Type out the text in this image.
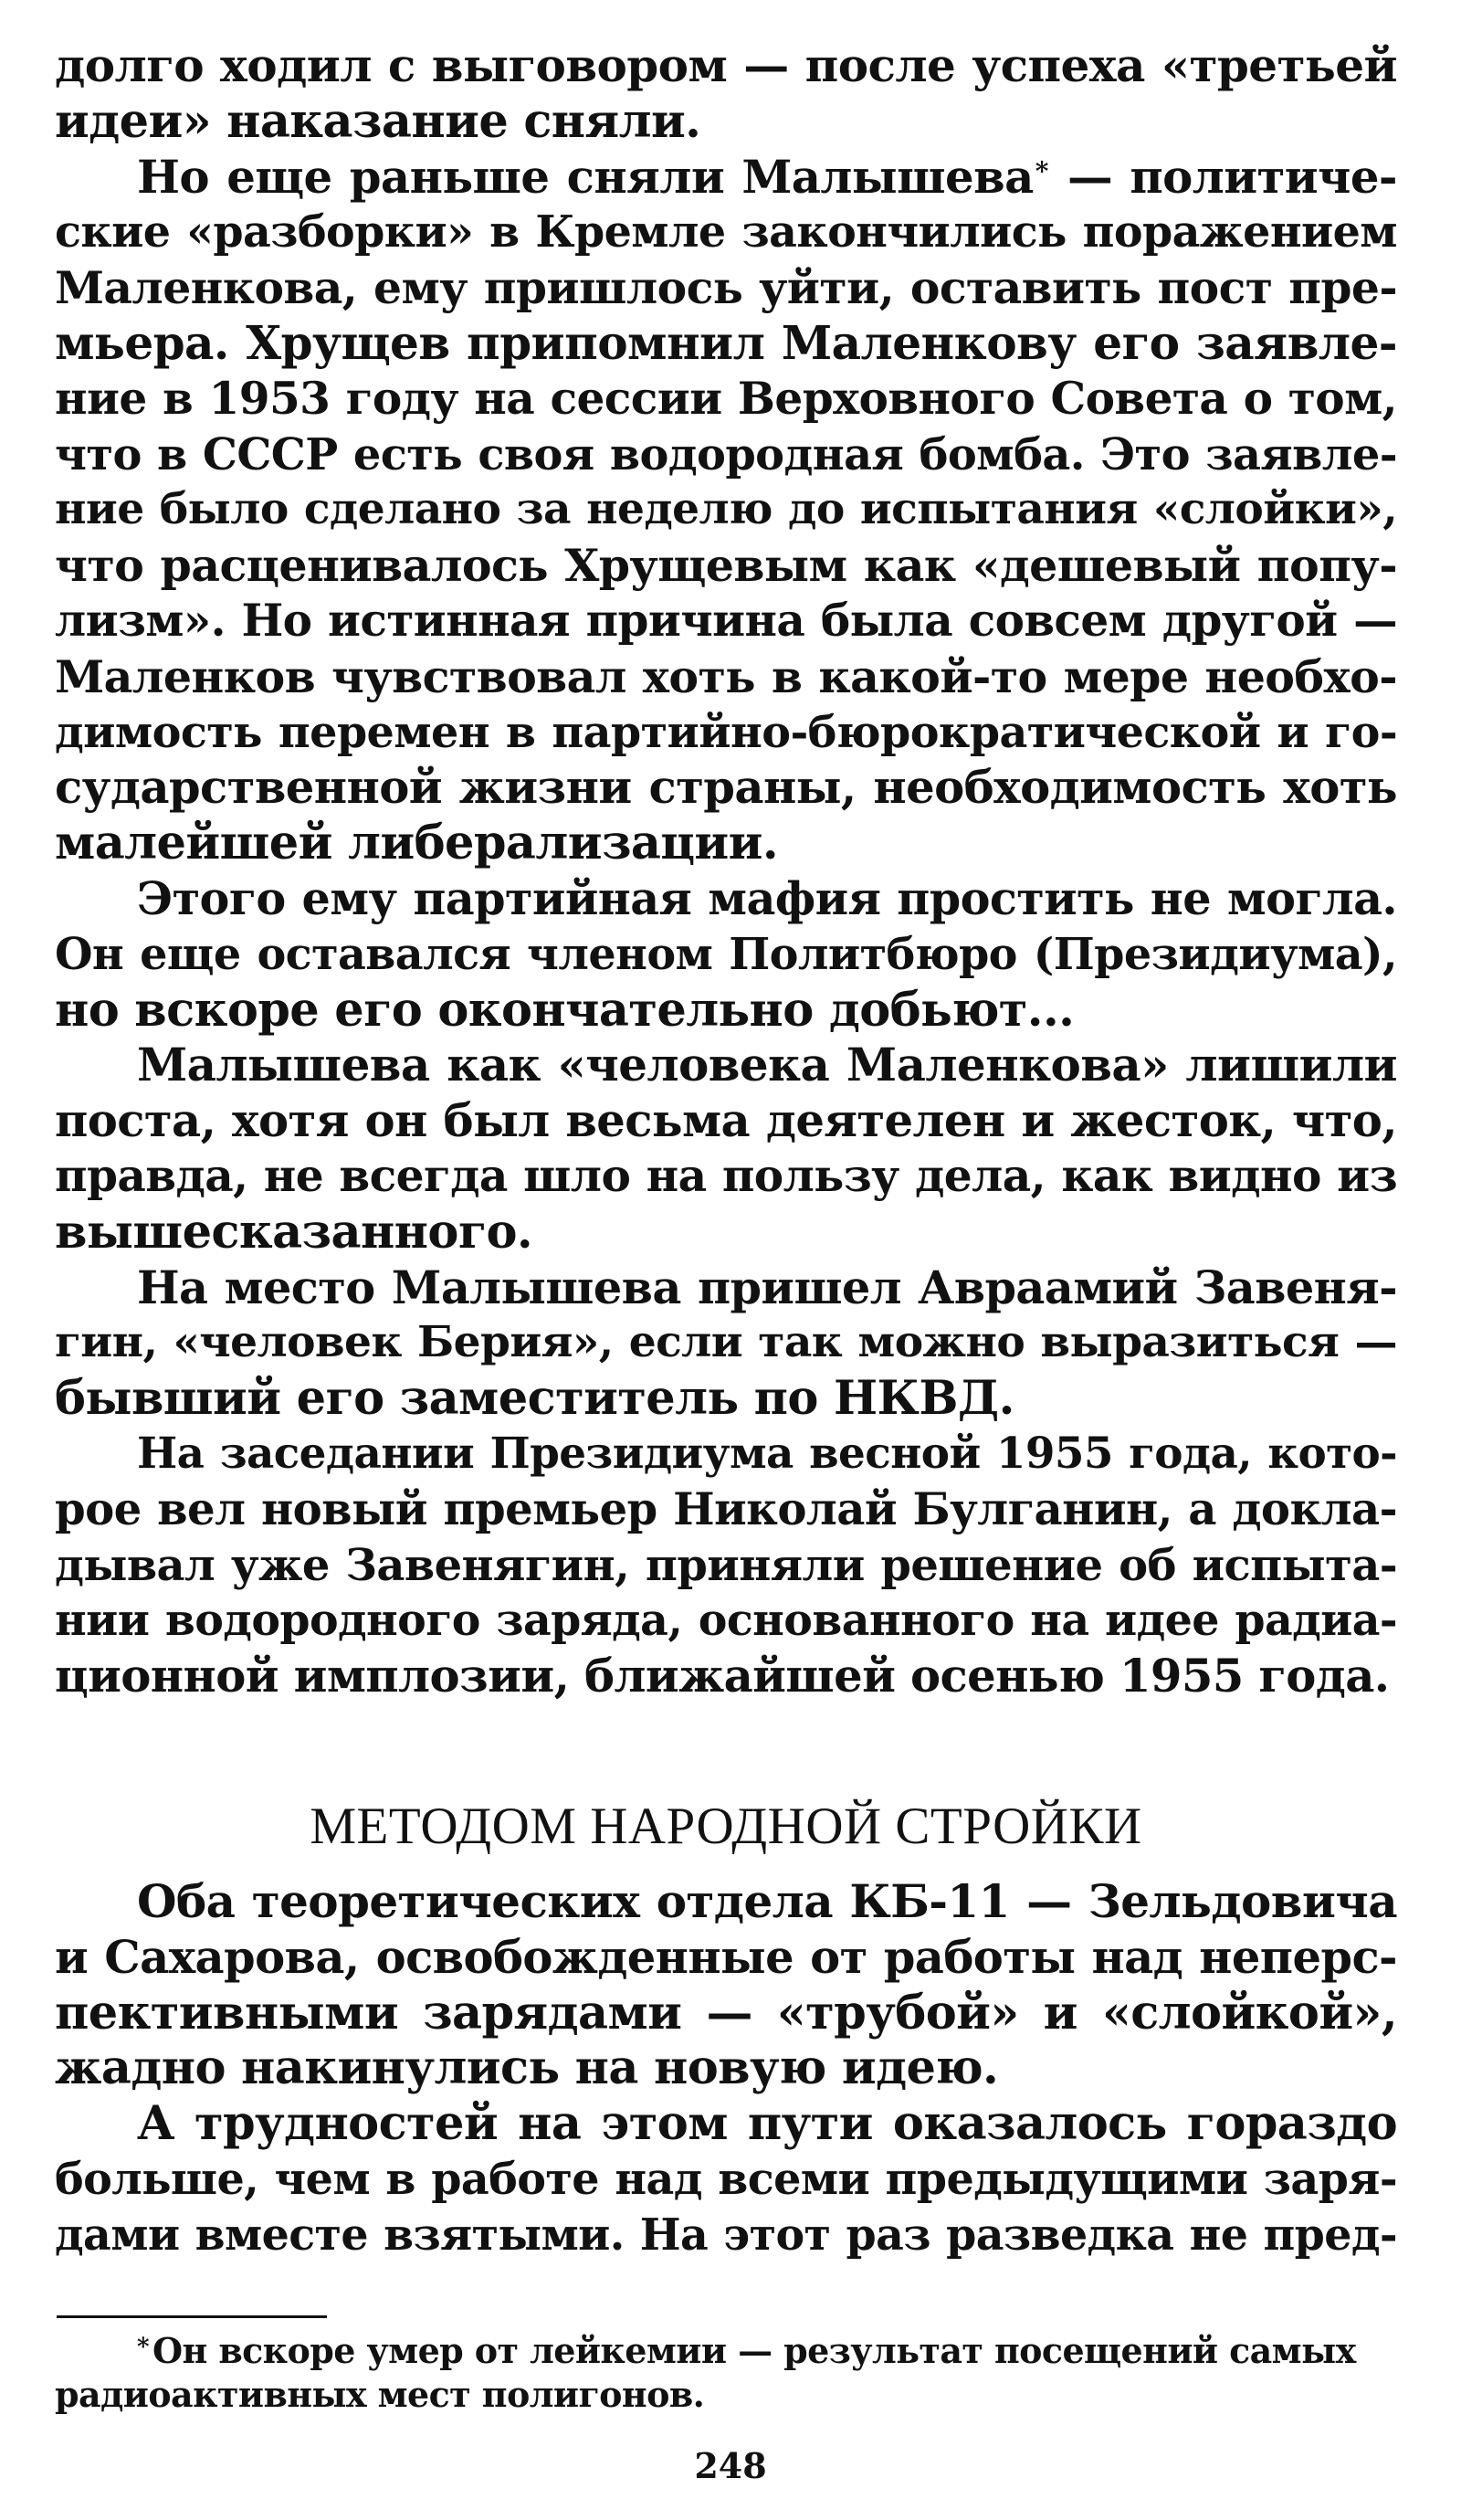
долго ходил с выговором — после успеха «третьей
идеи» наказание сняли.

Но еще раньше сняли Малышева* — политиче-
ские «разборки» в Кремле закончились поражением
Маленкова, ему пришлось уйти, оставить пост пре-
мьера. Хрущев припомнил Маленкову его заявле-
ние в 1953 году на сессии Верховного Совета о том,
что в СССР есть своя водородная бомба. Это заявле-
ние было сделано за неделю до испытания «слойки»,
что расценивалось Хрущевым как «дешевый попу-
лизм». Но истинная причина была совсем другой —
Маленков чувствовал хоть в какой-то мере необхо-
димость перемен в партийно-бюрократической и го-
сударственной жизни страны, необходимость хоть
малейшей либерализации.

Этого ему партийная мафия простить не могла.
Он еще оставался членом Политбюро (Президиума),
но вскоре его окончательно добьют...

Малышева как «человека Маленкова» лишили
поста, хотя он был весьма деятелен и жесток, что,
правда, не всегда шло на пользу дела, как видно из
вышесказанного.

На место Малышева пришел Авраамий Завеня-
гин, «человек Берия», если так можно выразиться —
бывший его заместитель по НКВД.

На заседании Президиума весной 1955 года, кото-
рое вел новый премьер Николай Булганин, а докла-
дывал уже Завенягин, приняли решение об испыта-
нии водородного заряда, основанного на идее радиа-
ционной имплозии, ближайшей осенью 1955 года.

МЕТОДОМ НАРОДНОЙ СТРОЙКИ

Оба теоретических отдела КБ-11 — Зельдовича
и Сахарова, освобожденные от работы над неперс-
пективными зарядами — «трубой» и «слойкой»,
жадно накинулись на новую идею.

А трудностей на этом пути оказалось гораздо
больше, чем в работе над всеми предыдущими заря-
дами вместе взятыми. На этот раз разведка не пред-

* Он вскоре умер от лейкемии — результат посещений самых
радиоактивных мест полигонов.
248
